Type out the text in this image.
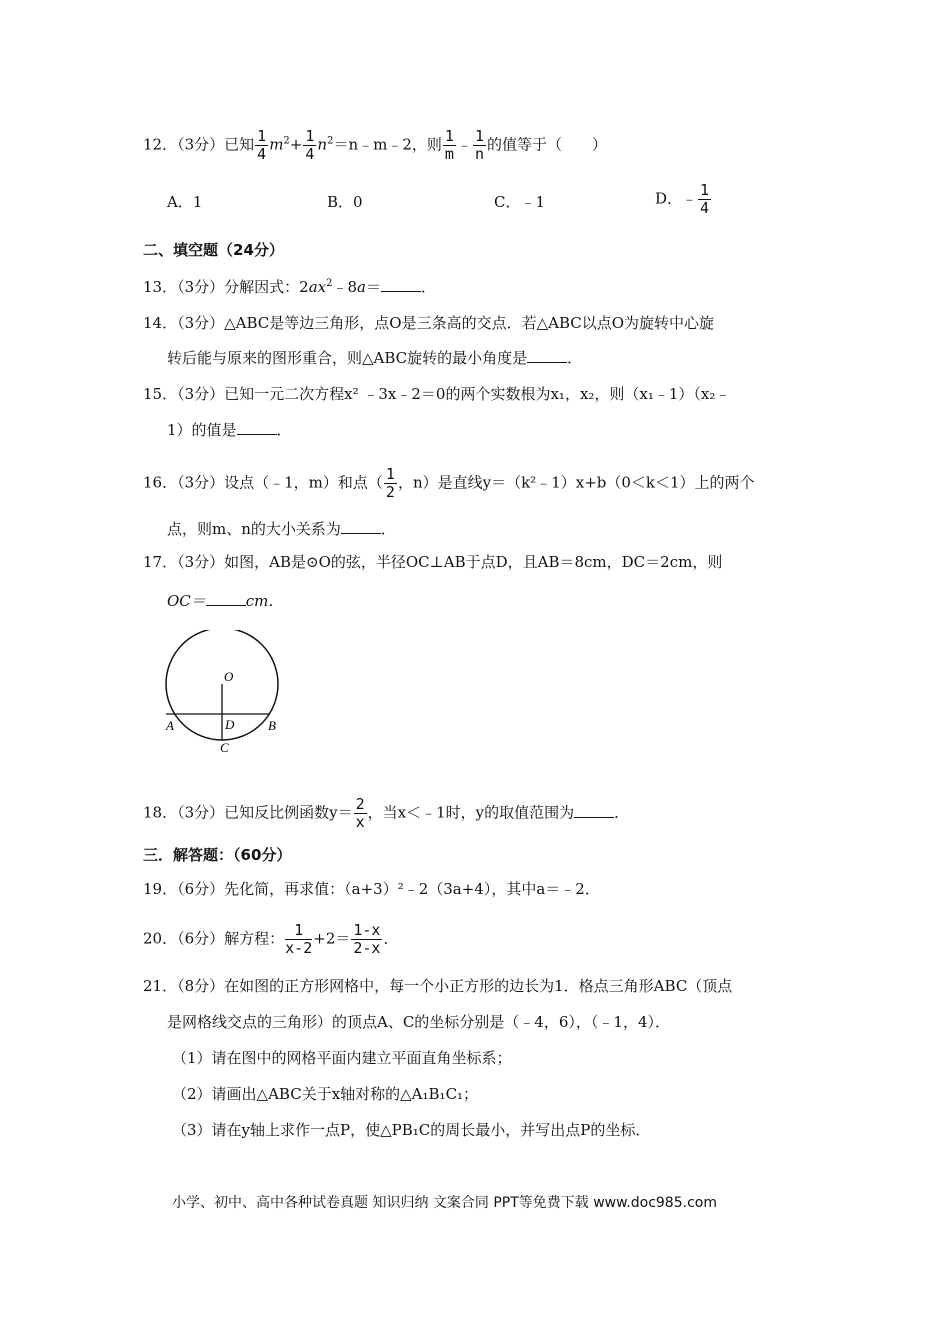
12．（3分）已知 $\frac{1}{4} m^2+ \frac{1}{4}$ $n^2=n﹣m﹣2$，则 $\frac{1}{m}$ ﹣ $\frac{1}{n}$ 的值等于（　　）
A．1	B．0	C．﹣1	D．﹣ $\frac{1}{4}$
二、填空题（24分）
13．（3分）分解因式：$2ax^2﹣8a=$	．
14．（3分）△ABC是等边三角形，点O是三条高的交点．若△ABC以点O为旋转中心旋
转后能与原来的图形重合，则△ABC旋转的最小角度是	．
15．（3分）已知一元二次方程x² ﹣3x﹣2＝0的两个实数根为x₁，x₂，则（x₁﹣1）（x₂﹣
1）的值是	．
16．（3分）设点（﹣1，m）和点（ $\frac{1}{2}$ ，n）是直线y＝（k²﹣1）x+b（0＜k＜1）上的两个
点，则m、n的大小关系为	．
17．（3分）如图，AB是⊙O的弦，半径OC⊥AB于点D，且AB＝8cm，DC＝2cm，则
OC＝	cm．
O
A	B
D
C
18．（3分）已知反比例函数$y= \frac{2}{x}$ ，当x＜﹣1时，y的取值范围为	．
三．解答题：（60分）
19．（6分）先化简，再求值：（a+3）²﹣2（3a+4），其中a＝﹣2．
20．（6分）解方程： $\frac{1}{x-2} +2= \frac{1-x}{2-x}$ ．
21．（8分）在如图的正方形网格中，每一个小正方形的边长为1．格点三角形ABC（顶点
是网格线交点的三角形）的顶点A、C的坐标分别是（﹣4，6），（﹣1，4）．
（1）请在图中的网格平面内建立平面直角坐标系；
（2）请画出△ABC关于x轴对称的△A₁B₁C₁；
（3）请在y轴上求作一点P，使△PB₁C的周长最小，并写出点P的坐标．
小学、初中、高中各种试卷真题 知识归纳 文案合同 PPT等免费下载 www.doc985.com
